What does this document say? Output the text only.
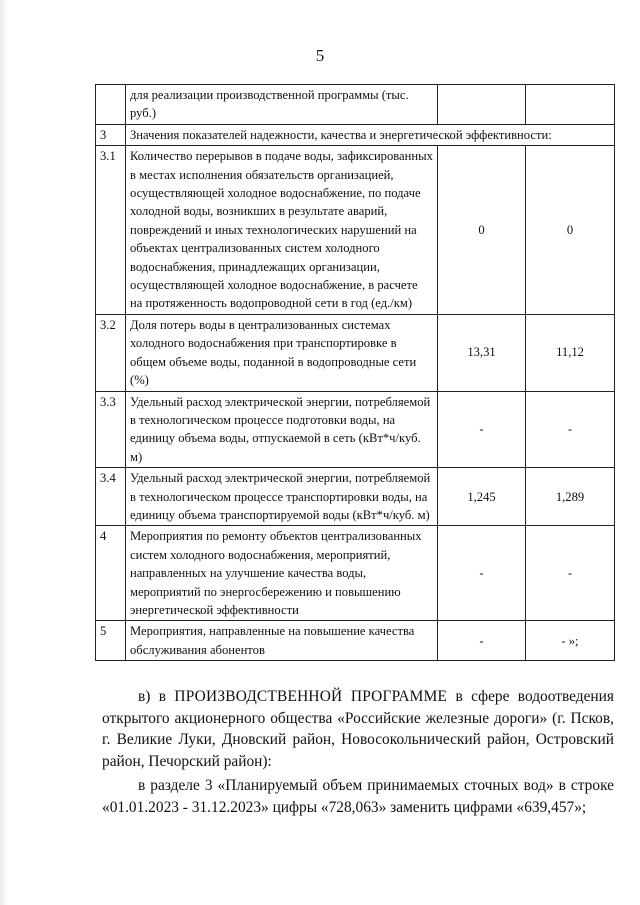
5
	для реализации производственной программы (тыс. руб.)		
3	Значения показателей надежности, качества и энергетической эффективности:		
3.1	Количество перерывов в подаче воды, зафиксированных в местах исполнения обязательств организацией, осуществляющей холодное водоснабжение, по подаче холодной воды, возникших в результате аварий, повреждений и иных технологических нарушений на объектах централизованных систем холодного водоснабжения, принадлежащих организации, осуществляющей холодное водоснабжение, в расчете на протяженность водопроводной сети в год (ед./км)	0	0
3.2	Доля потерь воды в централизованных системах холодного водоснабжения при транспортировке в общем объеме воды, поданной в водопроводные сети (%)	13,31	11,12
3.3	Удельный расход электрической энергии, потребляемой в технологическом процессе подготовки воды, на единицу объема воды, отпускаемой в сеть (кВт*ч/куб. м)	-	-
3.4	Удельный расход электрической энергии, потребляемой в технологическом процессе транспортировки воды, на единицу объема транспортируемой воды (кВт*ч/куб. м)	1,245	1,289
4	Мероприятия по ремонту объектов централизованных систем холодного водоснабжения, мероприятий, направленных на улучшение качества воды, мероприятий по энергосбережению и повышению энергетической эффективности	-	-
5	Мероприятия, направленные на повышение качества обслуживания абонентов	-	- »;

в) в ПРОИЗВОДСТВЕННОЙ ПРОГРАММЕ в сфере водоотведения открытого акционерного общества «Российские железные дороги» (г. Псков, г. Великие Луки, Дновский район, Новосокольнический район, Островский район, Печорский район):

в разделе 3 «Планируемый объем принимаемых сточных вод» в строке «01.01.2023 - 31.12.2023» цифры «728,063» заменить цифрами «639,457»;
